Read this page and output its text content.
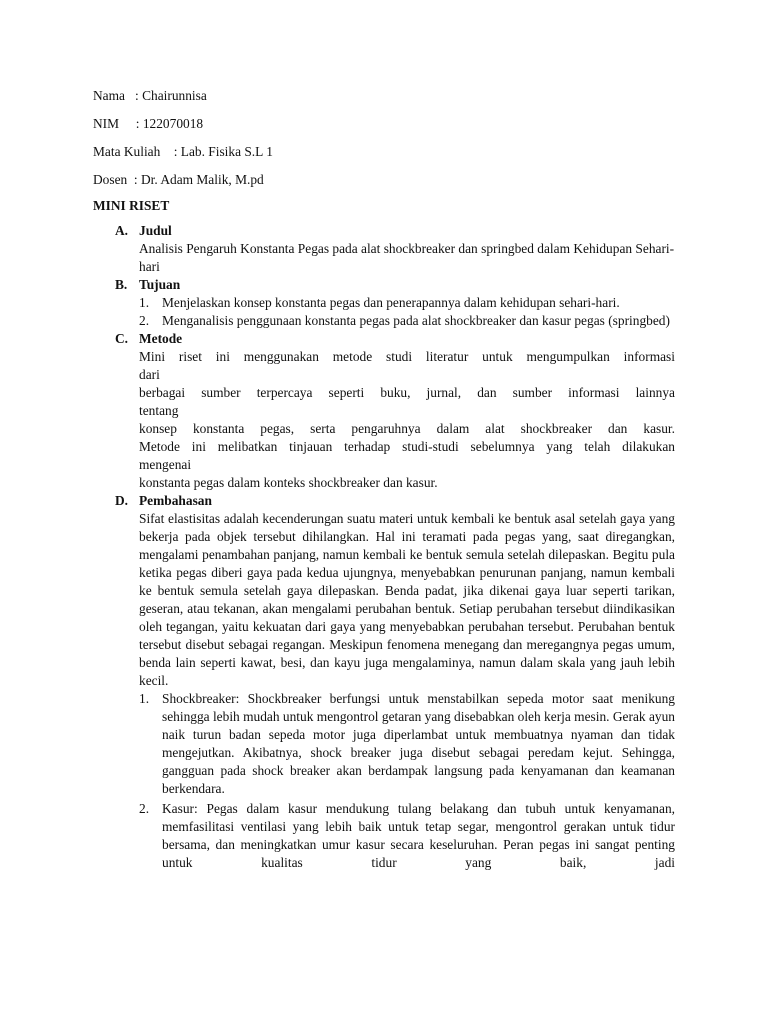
Nama   : Chairunnisa
NIM     : 122070018
Mata Kuliah    : Lab. Fisika S.L 1
Dosen  : Dr. Adam Malik, M.pd
MINI RISET
A. Judul
Analisis Pengaruh Konstanta Pegas pada alat shockbreaker dan springbed dalam Kehidupan Sehari-hari
B. Tujuan
1. Menjelaskan konsep konstanta pegas dan penerapannya dalam kehidupan sehari-hari.
2. Menganalisis penggunaan konstanta pegas pada alat shockbreaker dan kasur pegas (springbed)
C. Metode
Mini riset ini menggunakan metode studi literatur untuk mengumpulkan informasi
dari
berbagai sumber terpercaya seperti buku, jurnal, dan sumber informasi lainnya
tentang
konsep konstanta pegas, serta pengaruhnya dalam alat shockbreaker dan kasur.
Metode ini melibatkan tinjauan terhadap studi-studi sebelumnya yang telah dilakukan
mengenai
konstanta pegas dalam konteks shockbreaker dan kasur.
D. Pembahasan
Sifat elastisitas adalah kecenderungan suatu materi untuk kembali ke bentuk asal setelah gaya yang bekerja pada objek tersebut dihilangkan. Hal ini teramati pada pegas yang, saat diregangkan, mengalami penambahan panjang, namun kembali ke bentuk semula setelah dilepaskan. Begitu pula ketika pegas diberi gaya pada kedua ujungnya, menyebabkan penurunan panjang, namun kembali ke bentuk semula setelah gaya dilepaskan. Benda padat, jika dikenai gaya luar seperti tarikan, geseran, atau tekanan, akan mengalami perubahan bentuk. Setiap perubahan tersebut diindikasikan oleh tegangan, yaitu kekuatan dari gaya yang menyebabkan perubahan tersebut. Perubahan bentuk tersebut disebut sebagai regangan. Meskipun fenomena menegang dan meregangnya pegas umum, benda lain seperti kawat, besi, dan kayu juga mengalaminya, namun dalam skala yang jauh lebih kecil.
1. Shockbreaker: Shockbreaker berfungsi untuk menstabilkan sepeda motor saat menikung sehingga lebih mudah untuk mengontrol getaran yang disebabkan oleh kerja mesin. Gerak ayun naik turun badan sepeda motor juga diperlambat untuk membuatnya nyaman dan tidak mengejutkan. Akibatnya, shock breaker juga disebut sebagai peredam kejut. Sehingga, gangguan pada shock breaker akan berdampak langsung pada kenyamanan dan keamanan berkendara.
2. Kasur: Pegas dalam kasur mendukung tulang belakang dan tubuh untuk kenyamanan, memfasilitasi ventilasi yang lebih baik untuk tetap segar, mengontrol gerakan untuk tidur bersama, dan meningkatkan umur kasur secara keseluruhan. Peran pegas ini sangat penting untuk kualitas tidur yang baik, jadi
